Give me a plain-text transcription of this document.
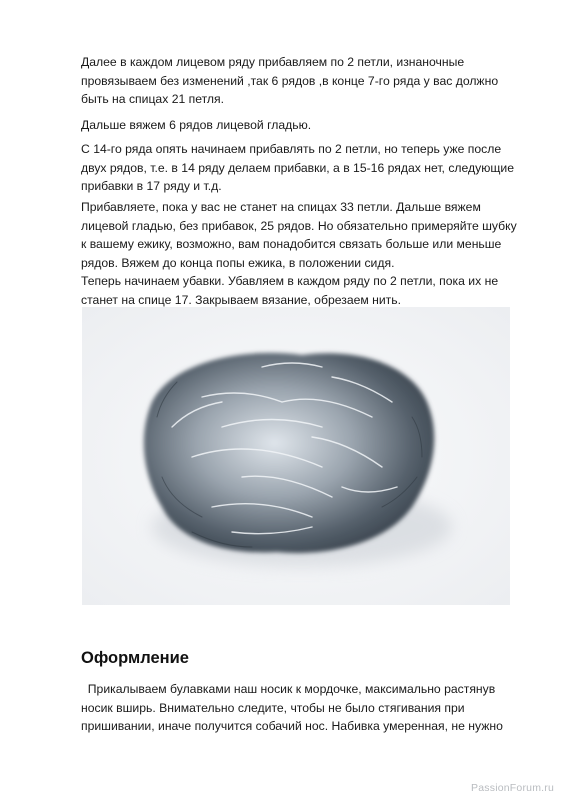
Далее в каждом лицевом ряду прибавляем по 2 петли, изнаночные провязываем без изменений ,так 6 рядов ,в конце 7-го ряда у вас должно быть на спицах 21 петля.

Дальше вяжем 6 рядов лицевой гладью.

С 14-го ряда опять начинаем прибавлять по 2 петли, но теперь уже после двух рядов, т.е. в 14 ряду делаем прибавки, а в 15-16 рядах нет, следующие прибавки в 17 ряду и т.д.

Прибавляете, пока у вас не станет на спицах 33 петли. Дальше вяжем лицевой гладью, без прибавок, 25 рядов. Но обязательно примеряйте шубку к вашему ежику, возможно, вам понадобится связать больше или меньше рядов. Вяжем до конца попы ежика, в положении сидя.

Теперь начинаем убавки. Убавляем в каждом ряду по 2 петли, пока их не станет на спице 17. Закрываем вязание, обрезаем нить.

Оформление

Прикалываем булавками наш носик к мордочке, максимально растянув носик вширь. Внимательно следите, чтобы не было стягивания при пришивании, иначе получится собачий нос. Набивка умеренная, не нужно

PassionForum.ru
